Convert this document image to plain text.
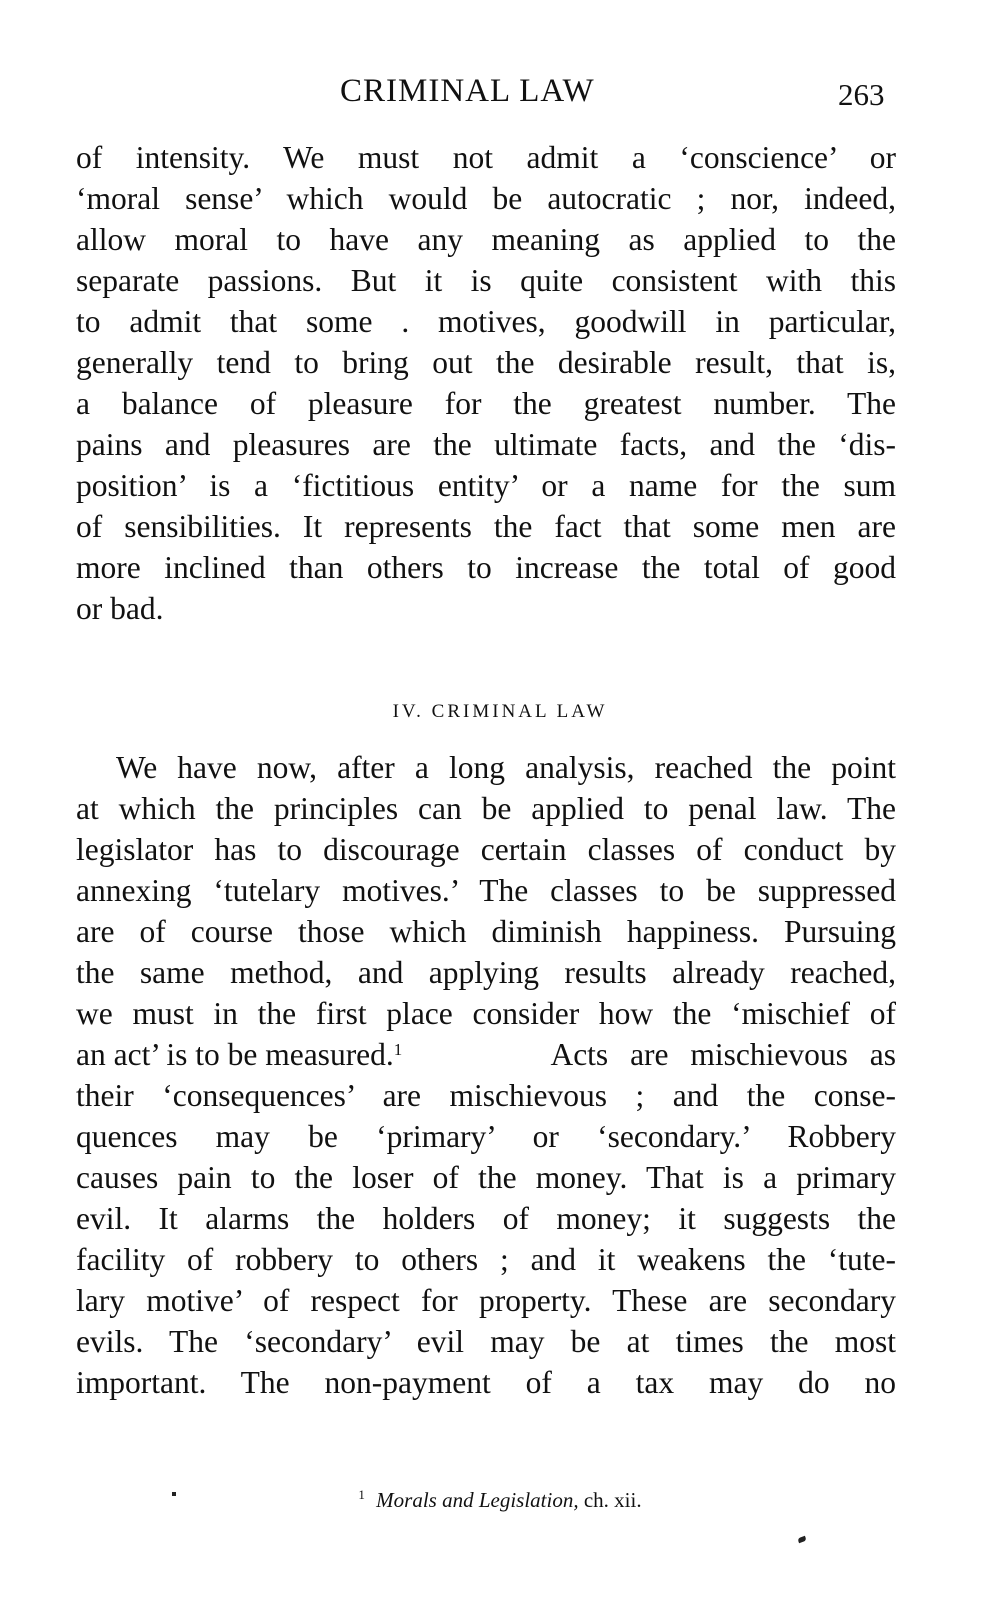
CRIMINAL LAW	263
of intensity. We must not admit a ‘conscience’ or
‘moral sense’ which would be autocratic ; nor, indeed,
allow moral to have any meaning as applied to the
separate passions. But it is quite consistent with this
to admit that some . motives, goodwill in particular,
generally tend to bring out the desirable result, that is,
a balance of pleasure for the greatest number. The
pains and pleasures are the ultimate facts, and the ‘dis-
position’ is a ‘fictitious entity’ or a name for the sum
of sensibilities. It represents the fact that some men are
more inclined than others to increase the total of good
or bad.
IV. CRIMINAL LAW
We have now, after a long analysis, reached the point
at which the principles can be applied to penal law. The
legislator has to discourage certain classes of conduct by
annexing ‘tutelary motives.’ The classes to be suppressed
are of course those which diminish happiness. Pursuing
the same method, and applying results already reached,
we must in the first place consider how the ‘mischief of
an act’ is to be measured.$^1$	Acts are mischievous as
their ‘consequences’ are mischievous ; and the conse-
quences may be ‘primary’ or ‘secondary.’ Robbery
causes pain to the loser of the money. That is a primary
evil. It alarms the holders of money; it suggests the
facility of robbery to others ; and it weakens the ‘tute-
lary motive’ of respect for property. These are secondary
evils. The ‘secondary’ evil may be at times the most
important. The non-payment of a tax may do no
$^1$ Morals and Legislation, ch. xii.
